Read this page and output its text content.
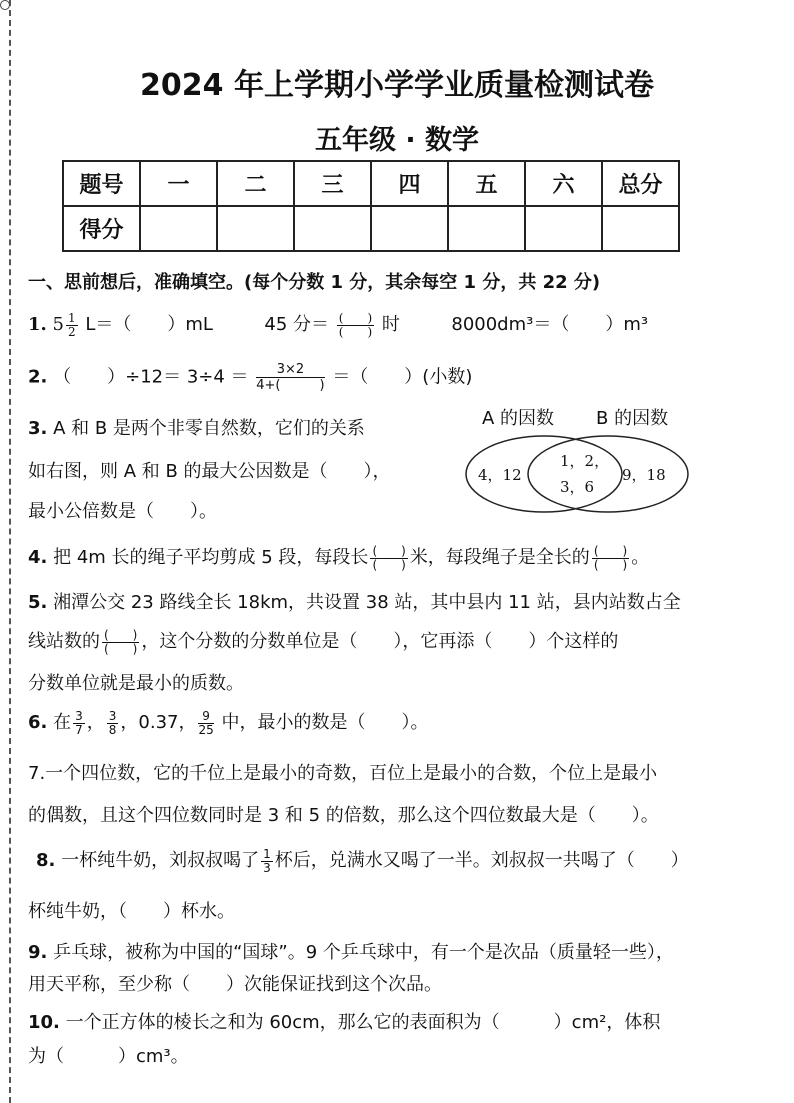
2024 年上学期小学学业质量检测试卷
五年级 · 数学
题号	一	二	三	四	五	六	总分
得分							
一、思前想后，准确填空。(每个分数 1 分，其余每空 1 分，共 22 分)
1. $5 \frac{1}{2} L=$（　　）mL	45 分＝ $\frac{( )}{( )}$ 时	8000dm³＝（　　）m³
2. （　　）$\div 12= 3\div 4 = \frac{3\times 2}{4+( )}$ ＝（　　）(小数)
3. A 和 B 是两个非零自然数，它们的关系
如右图，则 A 和 B 的最大公因数是（　　），
最小公倍数是（　　）。
A 的因数 B 的因数
4，12
1，2，
3，6
9，18
4. 把 4m 长的绳子平均剪成 5 段，每段长 $\frac{( )}{( )}$ 米，每段绳子是全长的 $\frac{( )}{( )}$ 。
5. 湘潭公交 23 路线全长 18km，共设置 38 站，其中县内 11 站，县内站数占全
线站数的 $\frac{( )}{( )}$ ，这个分数的分数单位是（　　），它再添（　　）个这样的
分数单位就是最小的质数。
6. 在 $\frac{3}{7}$ ， $\frac{3}{8}$ ，0.37， $\frac{9}{25}$ 中，最小的数是（　　）。
7.一个四位数，它的千位上是最小的奇数，百位上是最小的合数，个位上是最小
的偶数，且这个四位数同时是 3 和 5 的倍数，那么这个四位数最大是（　　）。
8. 一杯纯牛奶，刘叔叔喝了 $\frac{1}{3}$ 杯后，兑满水又喝了一半。刘叔叔一共喝了（　　）
杯纯牛奶，（　　）杯水。
9. 乒乓球，被称为中国的“国球”。9 个乒乓球中，有一个是次品（质量轻一些），
用天平称，至少称（　　）次能保证找到这个次品。
10. 一个正方体的棱长之和为 60cm，那么它的表面积为（　　　）cm²，体积
为（　　　）cm³。
